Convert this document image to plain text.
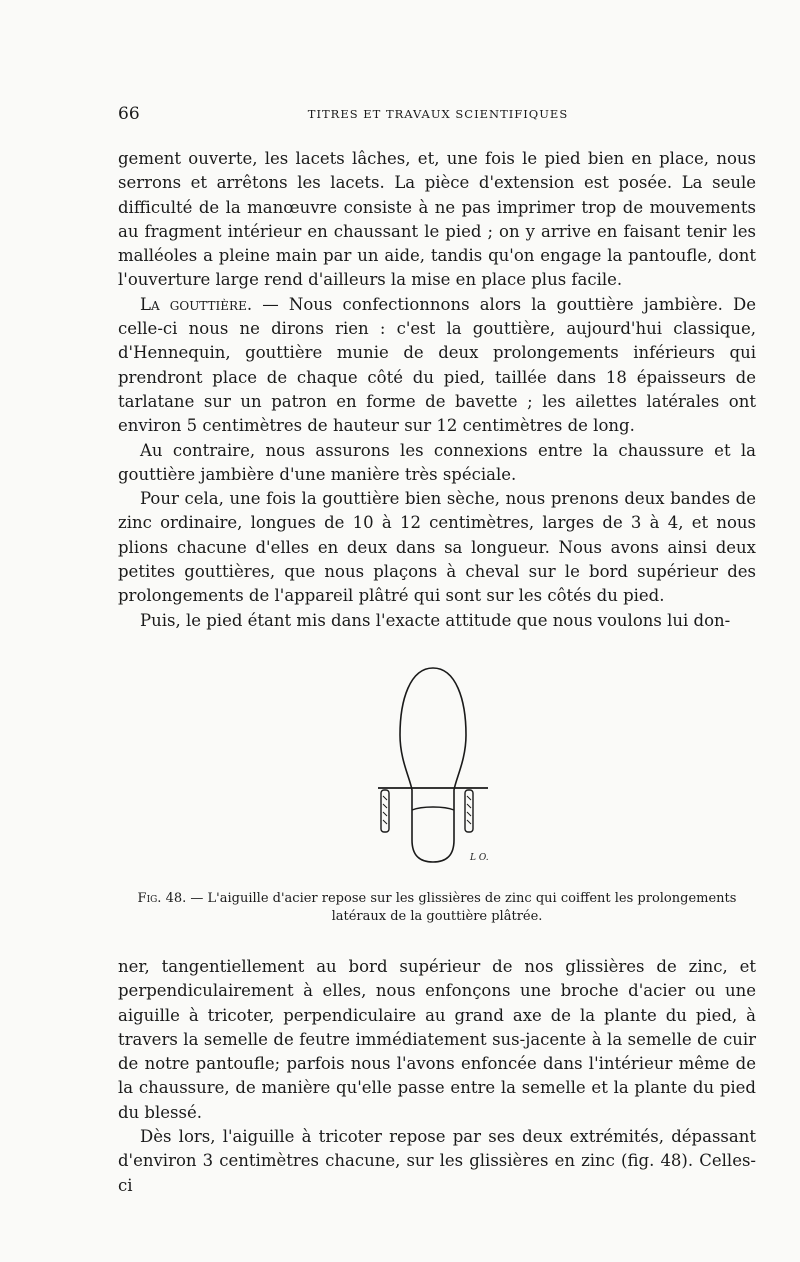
66	TITRES ET TRAVAUX SCIENTIFIQUES

gement ouverte, les lacets lâches, et, une fois le pied bien en place, nous serrons et arrêtons les lacets. La pièce d'extension est posée. La seule difficulté de la manœuvre consiste à ne pas imprimer trop de mouvements au fragment intérieur en chaussant le pied ; on y arrive en faisant tenir les malléoles a pleine main par un aide, tandis qu'on engage la pantoufle, dont l'ouverture large rend d'ailleurs la mise en place plus facile.

La gouttière. — Nous confectionnons alors la gouttière jambière. De celle-ci nous ne dirons rien : c'est la gouttière, aujourd'hui classique, d'Hennequin, gouttière munie de deux prolongements inférieurs qui prendront place de chaque côté du pied, taillée dans 18 épaisseurs de tarlatane sur un patron en forme de bavette ; les ailettes latérales ont environ 5 centimètres de hauteur sur 12 centimètres de long.

Au contraire, nous assurons les connexions entre la chaussure et la gouttière jambière d'une manière très spéciale.

Pour cela, une fois la gouttière bien sèche, nous prenons deux bandes de zinc ordinaire, longues de 10 à 12 centimètres, larges de 3 à 4, et nous plions chacune d'elles en deux dans sa longueur. Nous avons ainsi deux petites gouttières, que nous plaçons à cheval sur le bord supérieur des prolongements de l'appareil plâtré qui sont sur les côtés du pied.

Puis, le pied étant mis dans l'exacte attitude que nous voulons lui don-

L O.
Fig. 48. — L'aiguille d'acier repose sur les glissières de zinc qui coiffent les prolongements latéraux de la gouttière plâtrée.

ner, tangentiellement au bord supérieur de nos glissières de zinc, et perpendiculairement à elles, nous enfonçons une broche d'acier ou une aiguille à tricoter, perpendiculaire au grand axe de la plante du pied, à travers la semelle de feutre immédiatement sus-jacente à la semelle de cuir de notre pantoufle; parfois nous l'avons enfoncée dans l'intérieur même de la chaussure, de manière qu'elle passe entre la semelle et la plante du pied du blessé.

Dès lors, l'aiguille à tricoter repose par ses deux extrémités, dépassant d'environ 3 centimètres chacune, sur les glissières en zinc (fig. 48). Celles-ci
